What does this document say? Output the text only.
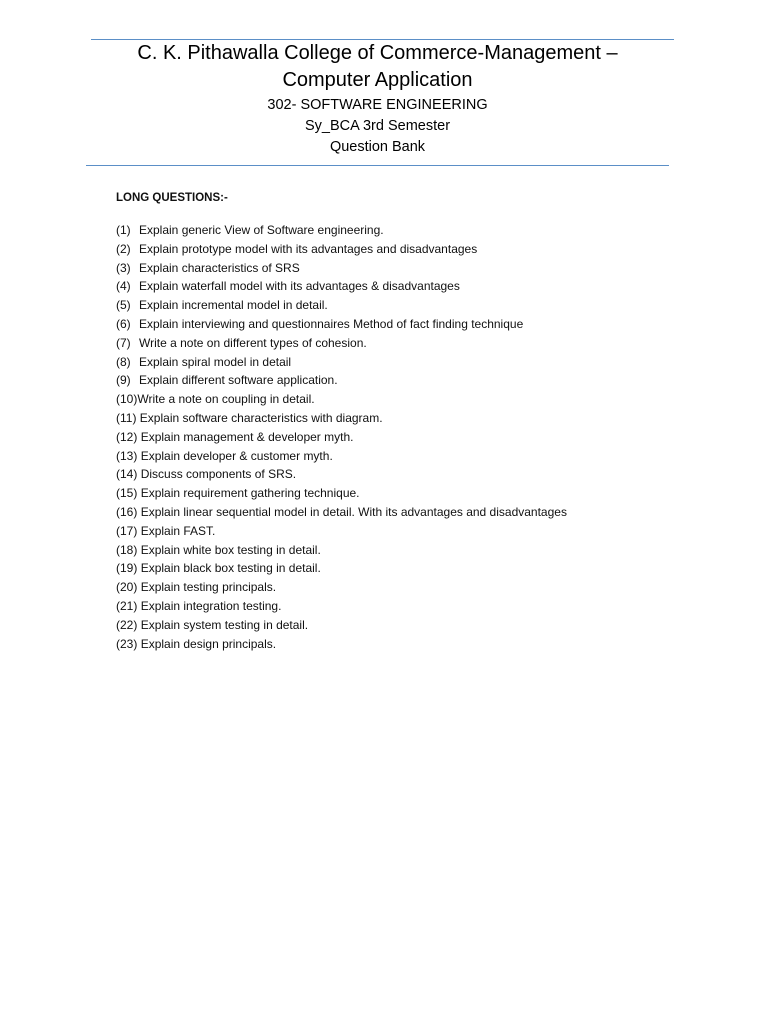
C. K. Pithawalla College of Commerce-Management –

Computer Application

302- SOFTWARE ENGINEERING

Sy_BCA 3rd Semester

Question Bank

LONG QUESTIONS:-

(1) Explain generic View of Software engineering.
(2) Explain prototype model with its advantages and disadvantages
(3) Explain characteristics of SRS
(4) Explain waterfall model with its advantages & disadvantages
(5) Explain incremental model in detail.
(6) Explain interviewing and questionnaires Method of fact finding technique
(7) Write a note on different types of cohesion.
(8) Explain spiral model in detail
(9) Explain different software application.
(10)Write a note on coupling in detail.
(11) Explain software characteristics with diagram.
(12) Explain management & developer myth.
(13) Explain developer & customer myth.
(14) Discuss components of SRS.
(15) Explain requirement gathering technique.
(16) Explain linear sequential model in detail. With its advantages and disadvantages
(17) Explain FAST.
(18) Explain white box testing in detail.
(19) Explain black box testing in detail.
(20) Explain testing principals.
(21) Explain integration testing.
(22) Explain system testing in detail.
(23) Explain design principals.
